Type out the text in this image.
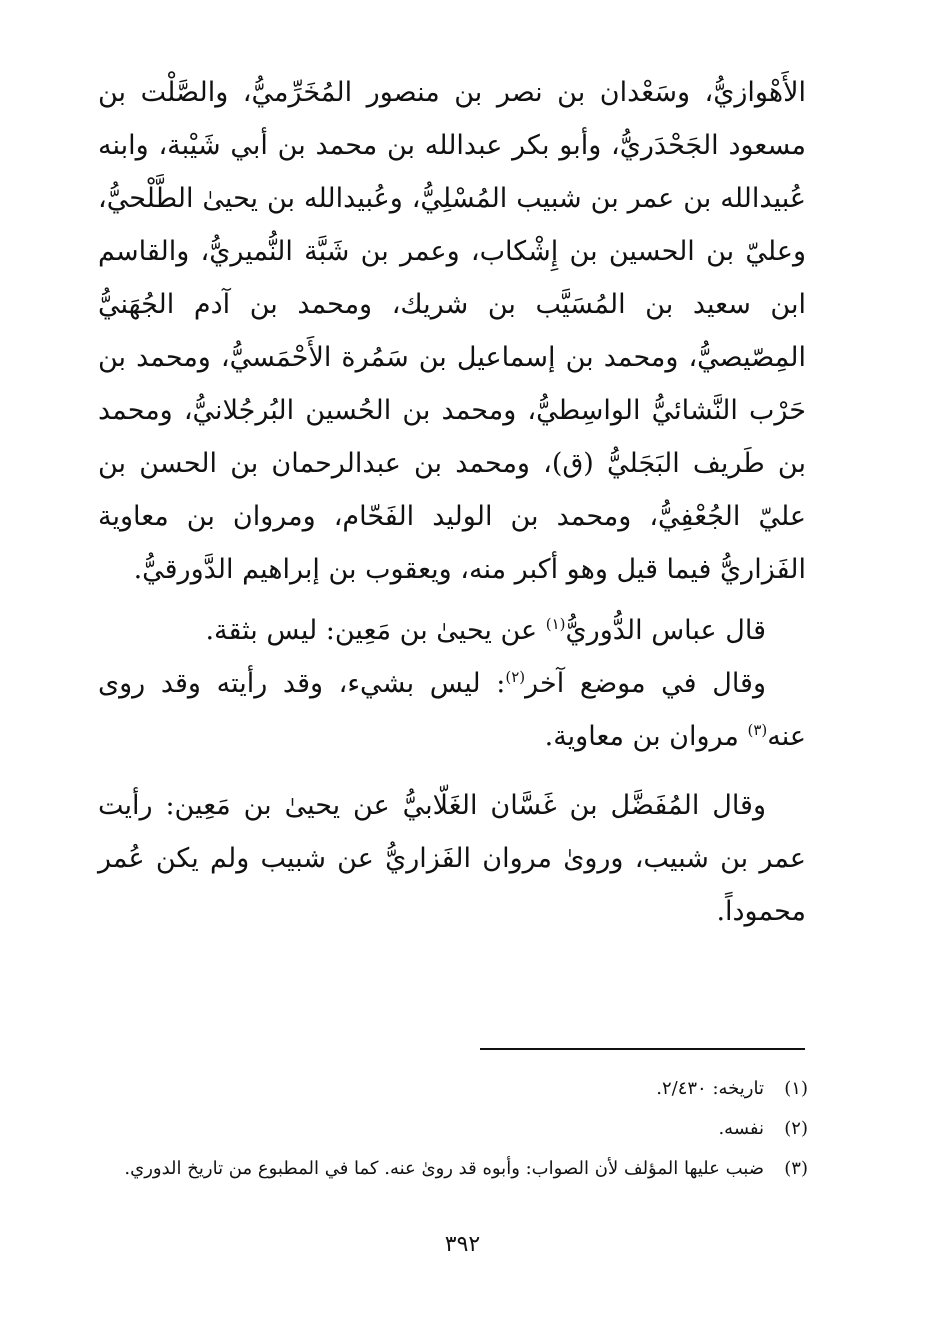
الأَهْوازيُّ، وسَعْدان بن نصر بن منصور المُخَرِّميُّ، والصَّلْت بن مسعود الجَحْدَريُّ، وأبو بكر عبدالله بن محمد بن أبي شَيْبة، وابنه عُبيدالله بن عمر بن شبيب المُسْلِيُّ، وعُبيدالله بن يحيىٰ الطَّلْحيُّ، وعليّ بن الحسين بن إِشْكاب، وعمر بن شَبَّة النُّميريُّ، والقاسم ابن سعيد بن المُسَيَّب بن شريك، ومحمد بن آدم الجُهَنيُّ المِصّيصيُّ، ومحمد بن إسماعيل بن سَمُرة الأَحْمَسيُّ، ومحمد بن حَرْب النَّشائيُّ الواسِطيُّ، ومحمد بن الحُسين البُرجُلانيُّ، ومحمد بن طَريف البَجَليُّ (ق)، ومحمد بن عبدالرحمان بن الحسن بن عليّ الجُعْفِيُّ، ومحمد بن الوليد الفَحّام، ومروان بن معاوية الفَزاريُّ فيما قيل وهو أكبر منه، ويعقوب بن إبراهيم الدَّورقيُّ.

قال عباس الدُّوريُّ$^{(١)}$ عن يحيىٰ بن مَعِين: ليس بثقة.

وقال في موضع آخر$^{(٢)}$: ليس بشيء، وقد رأيته وقد روى عنه$^{(٣)}$ مروان بن معاوية.

وقال المُفَضَّل بن غَسَّان الغَلّابيُّ عن يحيىٰ بن مَعِين: رأيت عمر بن شبيب، وروىٰ مروان الفَزاريُّ عن شبيب ولم يكن عُمر محموداً.

(١)
تاريخه: ٢/٤٣٠.
(٢)
نفسه.
(٣)
ضبب عليها المؤلف لأن الصواب: وأبوه قد روىٰ عنه. كما في المطبوع من تاريخ الدوري.
٣٩٢
